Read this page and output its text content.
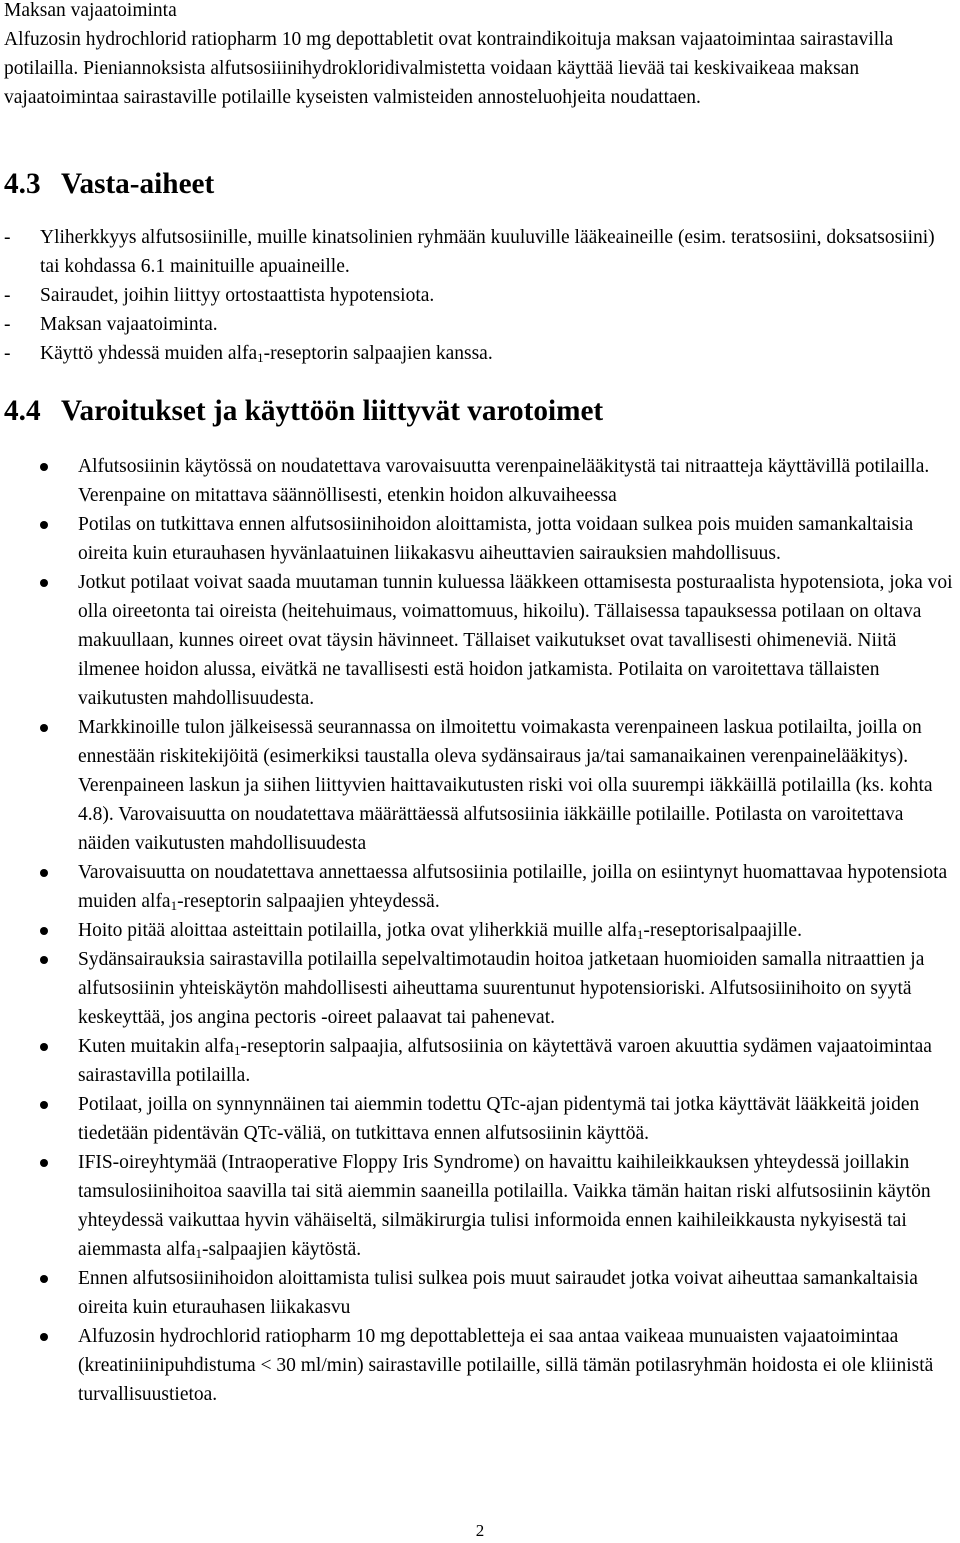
Maksan vajaatoiminta

Alfuzosin hydrochlorid ratiopharm 10 mg depottabletit ovat kontraindikoituja maksan vajaatoimintaa sairastavilla potilailla. Pieniannoksista alfutsosiiinihydrokloridivalmistetta voidaan käyttää lievää tai keskivaikeaa maksan vajaatoimintaa sairastaville potilaille kyseisten valmisteiden annosteluohjeita noudattaen.

4.3 Vasta-aiheet
- Yliherkkyys alfutsosiinille, muille kinatsolinien ryhmään kuuluville lääkeaineille (esim. teratsosiini, doksatsosiini) tai kohdassa 6.1 mainituille apuaineille.
- Sairaudet, joihin liittyy ortostaattista hypotensiota.
- Maksan vajaatoiminta.
- Käyttö yhdessä muiden alfa$_1$-reseptorin salpaajien kanssa.
4.4 Varoitukset ja käyttöön liittyvät varotoimet
Alfutsosiinin käytössä on noudatettava varovaisuutta verenpainelääkitystä tai nitraatteja käyttävillä potilailla. Verenpaine on mitattava säännöllisesti, etenkin hoidon alkuvaiheessa
Potilas on tutkittava ennen alfutsosiinihoidon aloittamista, jotta voidaan sulkea pois muiden samankaltaisia oireita kuin eturauhasen hyvänlaatuinen liikakasvu aiheuttavien sairauksien mahdollisuus.
Jotkut potilaat voivat saada muutaman tunnin kuluessa lääkkeen ottamisesta posturaalista hypotensiota, joka voi olla oireetonta tai oireista (heitehuimaus, voimattomuus, hikoilu). Tällaisessa tapauksessa potilaan on oltava makuullaan, kunnes oireet ovat täysin hävinneet. Tällaiset vaikutukset ovat tavallisesti ohimeneviä. Niitä ilmenee hoidon alussa, eivätkä ne tavallisesti estä hoidon jatkamista. Potilaita on varoitettava tällaisten vaikutusten mahdollisuudesta.
Markkinoille tulon jälkeisessä seurannassa on ilmoitettu voimakasta verenpaineen laskua potilailta, joilla on ennestään riskitekijöitä (esimerkiksi taustalla oleva sydänsairaus ja/tai samanaikainen verenpainelääkitys). Verenpaineen laskun ja siihen liittyvien haittavaikutusten riski voi olla suurempi iäkkäillä potilailla (ks. kohta 4.8). Varovaisuutta on noudatettava määrättäessä alfutsosiinia iäkkäille potilaille. Potilasta on varoitettava näiden vaikutusten mahdollisuudesta
Varovaisuutta on noudatettava annettaessa alfutsosiinia potilaille, joilla on esiintynyt huomattavaa hypotensiota muiden alfa$_1$-reseptorin salpaajien yhteydessä.
Hoito pitää aloittaa asteittain potilailla, jotka ovat yliherkkiä muille alfa$_1$-reseptorisalpaajille.
Sydänsairauksia sairastavilla potilailla sepelvaltimotaudin hoitoa jatketaan huomioiden samalla nitraattien ja alfutsosiinin yhteiskäytön mahdollisesti aiheuttama suurentunut hypotensioriski. Alfutsosiinihoito on syytä keskeyttää, jos angina pectoris -oireet palaavat tai pahenevat.
Kuten muitakin alfa$_1$-reseptorin salpaajia, alfutsosiinia on käytettävä varoen akuuttia sydämen vajaatoimintaa sairastavilla potilailla.
Potilaat, joilla on synnynnäinen tai aiemmin todettu QTc-ajan pidentymä tai jotka käyttävät lääkkeitä joiden tiedetään pidentävän QTc-väliä, on tutkittava ennen alfutsosiinin käyttöä.
IFIS-oireyhtymää (Intraoperative Floppy Iris Syndrome) on havaittu kaihileikkauksen yhteydessä joillakin tamsulosiinihoitoa saavilla tai sitä aiemmin saaneilla potilailla. Vaikka tämän haitan riski alfutsosiinin käytön yhteydessä vaikuttaa hyvin vähäiseltä, silmäkirurgia tulisi informoida ennen kaihileikkausta nykyisestä tai aiemmasta alfa$_1$-salpaajien käytöstä.
Ennen alfutsosiinihoidon aloittamista tulisi sulkea pois muut sairaudet jotka voivat aiheuttaa samankaltaisia oireita kuin eturauhasen liikakasvu
Alfuzosin hydrochlorid ratiopharm 10 mg depottabletteja ei saa antaa vaikeaa munuaisten vajaatoimintaa (kreatiniinipuhdistuma < 30 ml/min) sairastaville potilaille, sillä tämän potilasryhmän hoidosta ei ole kliinistä turvallisuustietoa.
2
